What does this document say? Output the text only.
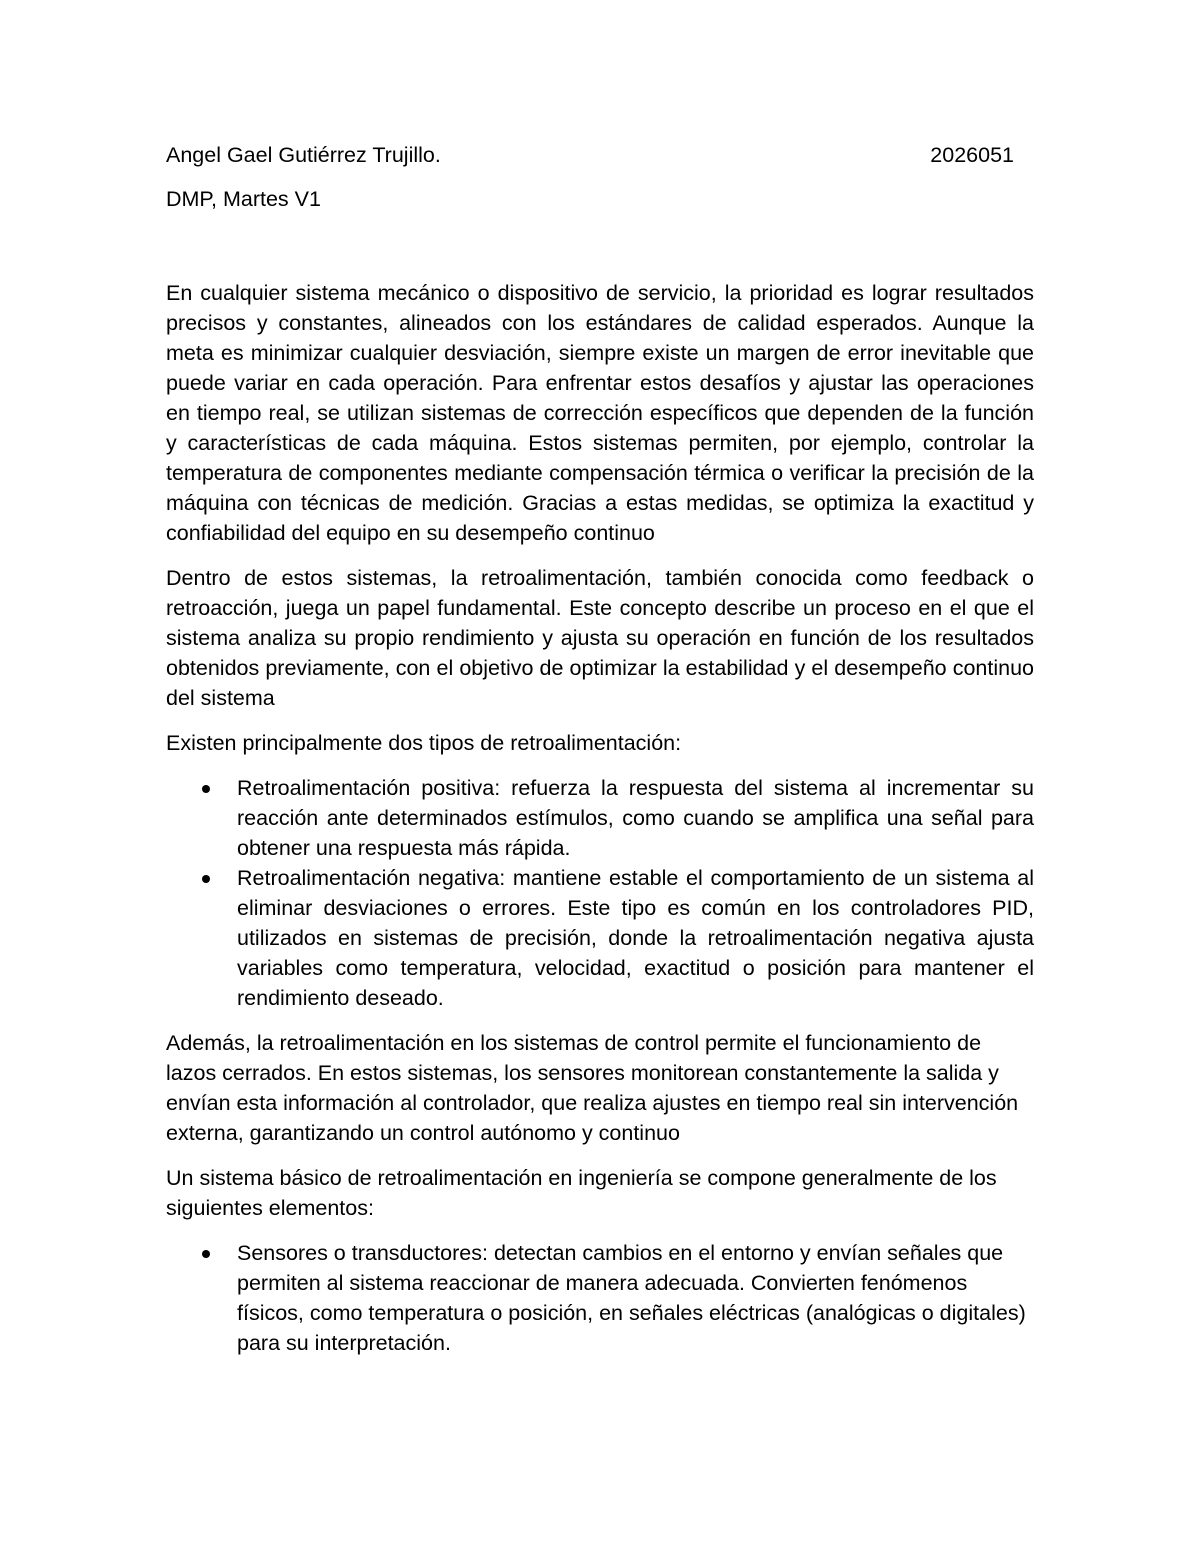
Angel Gael Gutiérrez Trujillo.	2026051
DMP, Martes V1

En cualquier sistema mecánico o dispositivo de servicio, la prioridad es lograr resultados precisos y constantes, alineados con los estándares de calidad esperados. Aunque la meta es minimizar cualquier desviación, siempre existe un margen de error inevitable que puede variar en cada operación. Para enfrentar estos desafíos y ajustar las operaciones en tiempo real, se utilizan sistemas de corrección específicos que dependen de la función y características de cada máquina. Estos sistemas permiten, por ejemplo, controlar la temperatura de componentes mediante compensación térmica o verificar la precisión de la máquina con técnicas de medición. Gracias a estas medidas, se optimiza la exactitud y confiabilidad del equipo en su desempeño continuo

Dentro de estos sistemas, la retroalimentación, también conocida como feedback o retroacción, juega un papel fundamental. Este concepto describe un proceso en el que el sistema analiza su propio rendimiento y ajusta su operación en función de los resultados obtenidos previamente, con el objetivo de optimizar la estabilidad y el desempeño continuo del sistema

Existen principalmente dos tipos de retroalimentación:

Retroalimentación positiva: refuerza la respuesta del sistema al incrementar su reacción ante determinados estímulos, como cuando se amplifica una señal para obtener una respuesta más rápida.
Retroalimentación negativa: mantiene estable el comportamiento de un sistema al eliminar desviaciones o errores. Este tipo es común en los controladores PID, utilizados en sistemas de precisión, donde la retroalimentación negativa ajusta variables como temperatura, velocidad, exactitud o posición para mantener el rendimiento deseado.

Además, la retroalimentación en los sistemas de control permite el funcionamiento de lazos cerrados. En estos sistemas, los sensores monitorean constantemente la salida y envían esta información al controlador, que realiza ajustes en tiempo real sin intervención externa, garantizando un control autónomo y continuo

Un sistema básico de retroalimentación en ingeniería se compone generalmente de los siguientes elementos:

Sensores o transductores: detectan cambios en el entorno y envían señales que permiten al sistema reaccionar de manera adecuada. Convierten fenómenos físicos, como temperatura o posición, en señales eléctricas (analógicas o digitales) para su interpretación.
